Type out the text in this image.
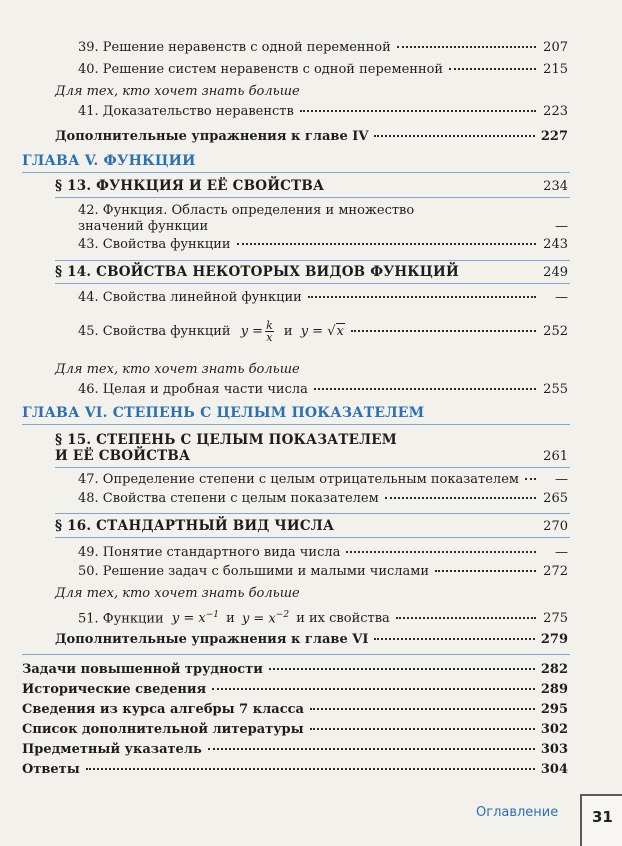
39. Решение неравенств с одной переменной	207
40. Решение систем неравенств с одной переменной	215
Для тех, кто хочет знать больше
41. Доказательство неравенств	223
Дополнительные упражнения к главе IV	227
ГЛАВА V. ФУНКЦИИ
§ 13. ФУНКЦИЯ И ЕЁ СВОЙСТВА	234
42. Функция. Область определения и множество
значений функции	—
43. Свойства функции	243
§ 14. СВОЙСТВА НЕКОТОРЫХ ВИДОВ ФУНКЦИЙ	249
44. Свойства линейной функции	—
45. Свойства функций $y = \frac{k}{x}$ и y = √x	252
Для тех, кто хочет знать больше
46. Целая и дробная части числа	255
ГЛАВА VI. СТЕПЕНЬ С ЦЕЛЫМ ПОКАЗАТЕЛЕМ
§ 15. СТЕПЕНЬ С ЦЕЛЫМ ПОКАЗАТЕЛЕМ
И ЕЁ СВОЙСТВА	261
47. Определение степени с целым отрицательным показателем	—
48. Свойства степени с целым показателем	265
§ 16. СТАНДАРТНЫЙ ВИД ЧИСЛА	270
49. Понятие стандартного вида числа	—
50. Решение задач с большими и малыми числами	272
Для тех, кто хочет знать больше
51. Функции $y = x^{-1}$ и $y = x^{-2}$ и их свойства	275
Дополнительные упражнения к главе VI	279
Задачи повышенной трудности	282
Исторические сведения	289
Сведения из курса алгебры 7 класса	295
Список дополнительной литературы	302
Предметный указатель	303
Ответы	304
Оглавление 31
